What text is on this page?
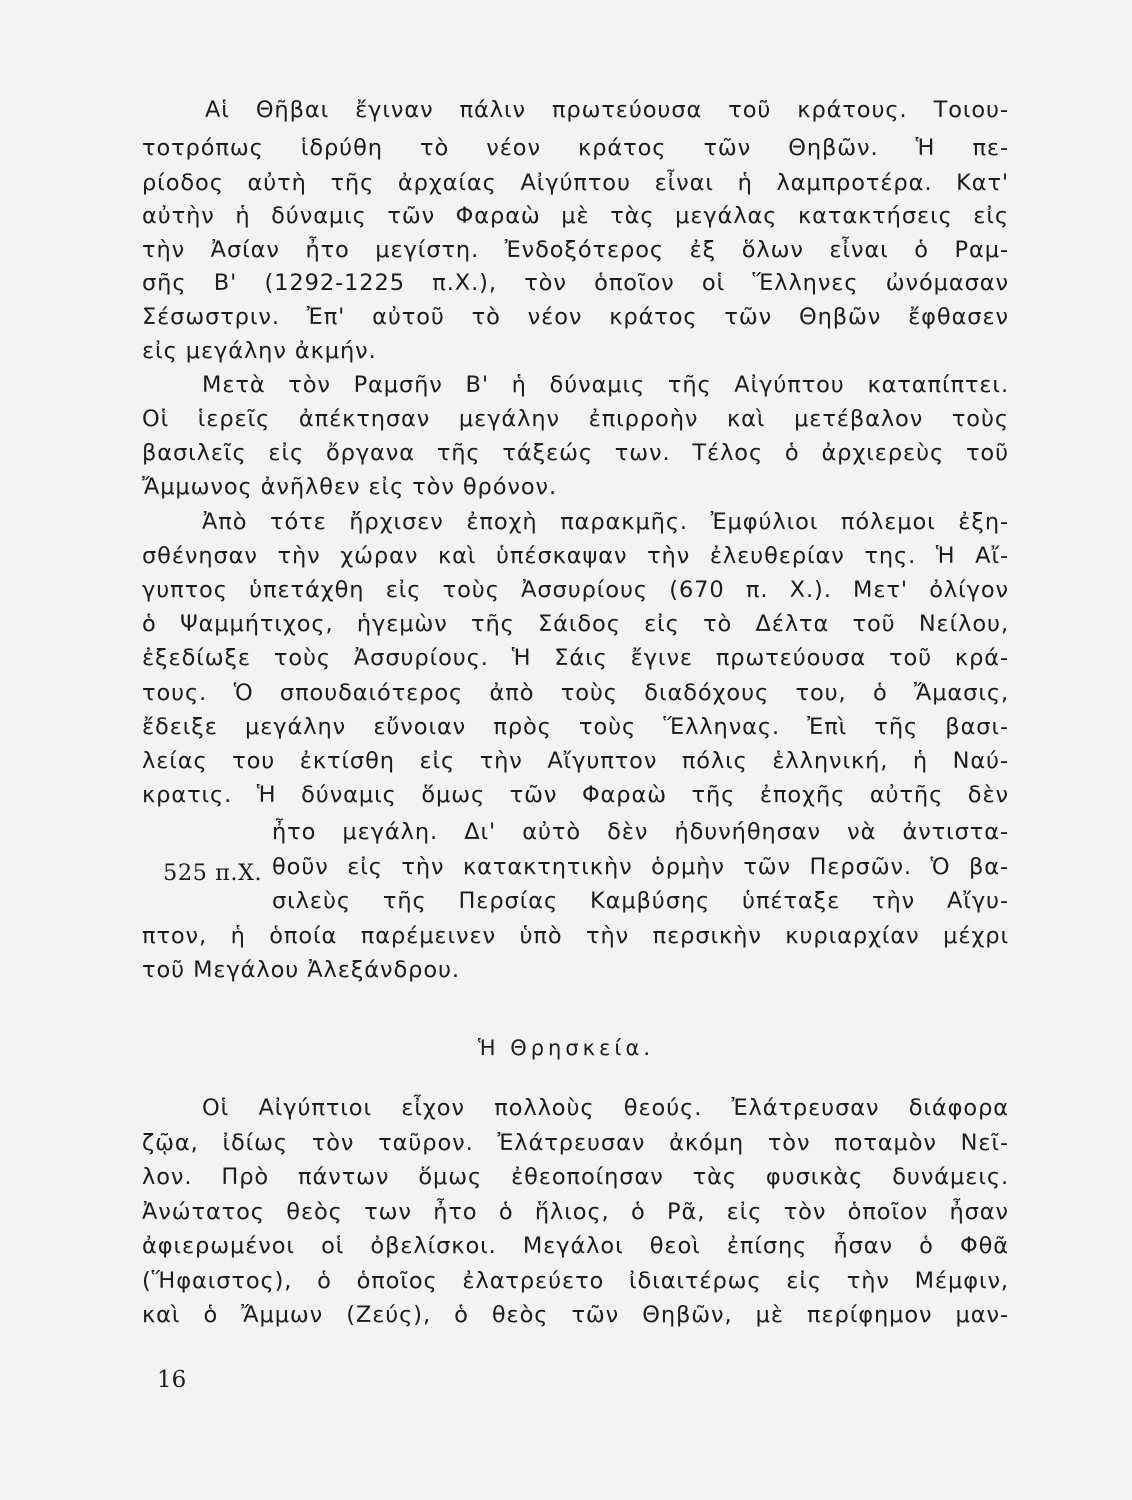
Αἱ Θῆβαι ἔγιναν πάλιν πρωτεύουσα τοῦ κράτους. Τοιου-
τοτρόπως ἱδρύθη τὸ νέον κράτος τῶν Θηβῶν. Ἡ πε-
ρίοδος αὐτὴ τῆς ἀρχαίας Αἰγύπτου εἶναι ἡ λαμπροτέρα. Κατ'
αὐτὴν ἡ δύναμις τῶν Φαραὼ μὲ τὰς μεγάλας κατακτήσεις εἰς
τὴν Ἀσίαν ἦτο μεγίστη. Ἐνδοξότερος ἐξ ὅλων εἶναι ὁ Ραμ-
σῆς Β' (1292-1225 π.Χ.), τὸν ὁποῖον οἱ Ἕλληνες ὠνόμασαν
Σέσωστριν. Ἐπ' αὐτοῦ τὸ νέον κράτος τῶν Θηβῶν ἔφθασεν
εἰς μεγάλην ἀκμήν.
Μετὰ τὸν Ραμσῆν Β' ἡ δύναμις τῆς Αἰγύπτου καταπίπτει.
Οἱ ἱερεῖς ἀπέκτησαν μεγάλην ἐπιρροὴν καὶ μετέβαλον τοὺς
βασιλεῖς εἰς ὄργανα τῆς τάξεώς των. Τέλος ὁ ἀρχιερεὺς τοῦ
Ἄμμωνος ἀνῆλθεν εἰς τὸν θρόνον.
Ἀπὸ τότε ἤρχισεν ἐποχὴ παρακμῆς. Ἐμφύλιοι πόλεμοι ἐξη-
σθένησαν τὴν χώραν καὶ ὑπέσκαψαν τὴν ἐλευθερίαν της. Ἡ Αἴ-
γυπτος ὑπετάχθη εἰς τοὺς Ἀσσυρίους (670 π. Χ.). Μετ' ὀλίγον
ὁ Ψαμμήτιχος, ἡγεμὼν τῆς Σάιδος εἰς τὸ Δέλτα τοῦ Νείλου,
ἐξεδίωξε τοὺς Ἀσσυρίους. Ἡ Σάις ἔγινε πρωτεύουσα τοῦ κρά-
τους. Ὁ σπουδαιότερος ἀπὸ τοὺς διαδόχους του, ὁ Ἄμασις,
ἔδειξε μεγάλην εὔνοιαν πρὸς τοὺς Ἕλληνας. Ἐπὶ τῆς βασι-
λείας του ἐκτίσθη εἰς τὴν Αἴγυπτον πόλις ἑλληνική, ἡ Ναύ-
κρατις. Ἡ δύναμις ὅμως τῶν Φαραὼ τῆς ἐποχῆς αὐτῆς δὲν
ἦτο μεγάλη. Δι' αὐτὸ δὲν ἠδυνήθησαν νὰ ἀντιστα-
θοῦν εἰς τὴν κατακτητικὴν ὁρμὴν τῶν Περσῶν. Ὁ βα-
σιλεὺς τῆς Περσίας Καμβύσης ὑπέταξε τὴν Αἴγυ-
πτον, ἡ ὁποία παρέμεινεν ὑπὸ τὴν περσικὴν κυριαρχίαν μέχρι
τοῦ Μεγάλου Ἀλεξάνδρου.
525 π.Χ.
Ἡ Θρησκεία.
Οἱ Αἰγύπτιοι εἶχον πολλοὺς θεούς. Ἐλάτρευσαν διάφορα
ζῷα, ἰδίως τὸν ταῦρον. Ἐλάτρευσαν ἀκόμη τὸν ποταμὸν Νεῖ-
λον. Πρὸ πάντων ὅμως ἐθεοποίησαν τὰς φυσικὰς δυνάμεις.
Ἀνώτατος θεὸς των ἦτο ὁ ἥλιος, ὁ Ρᾶ, εἰς τὸν ὁποῖον ἦσαν
ἀφιερωμένοι οἱ ὀβελίσκοι. Μεγάλοι θεοὶ ἐπίσης ἦσαν ὁ Φθᾶ
(Ἥφαιστος), ὁ ὁποῖος ἐλατρεύετο ἰδιαιτέρως εἰς τὴν Μέμφιν,
καὶ ὁ Ἄμμων (Ζεύς), ὁ θεὸς τῶν Θηβῶν, μὲ περίφημον μαν-
16
